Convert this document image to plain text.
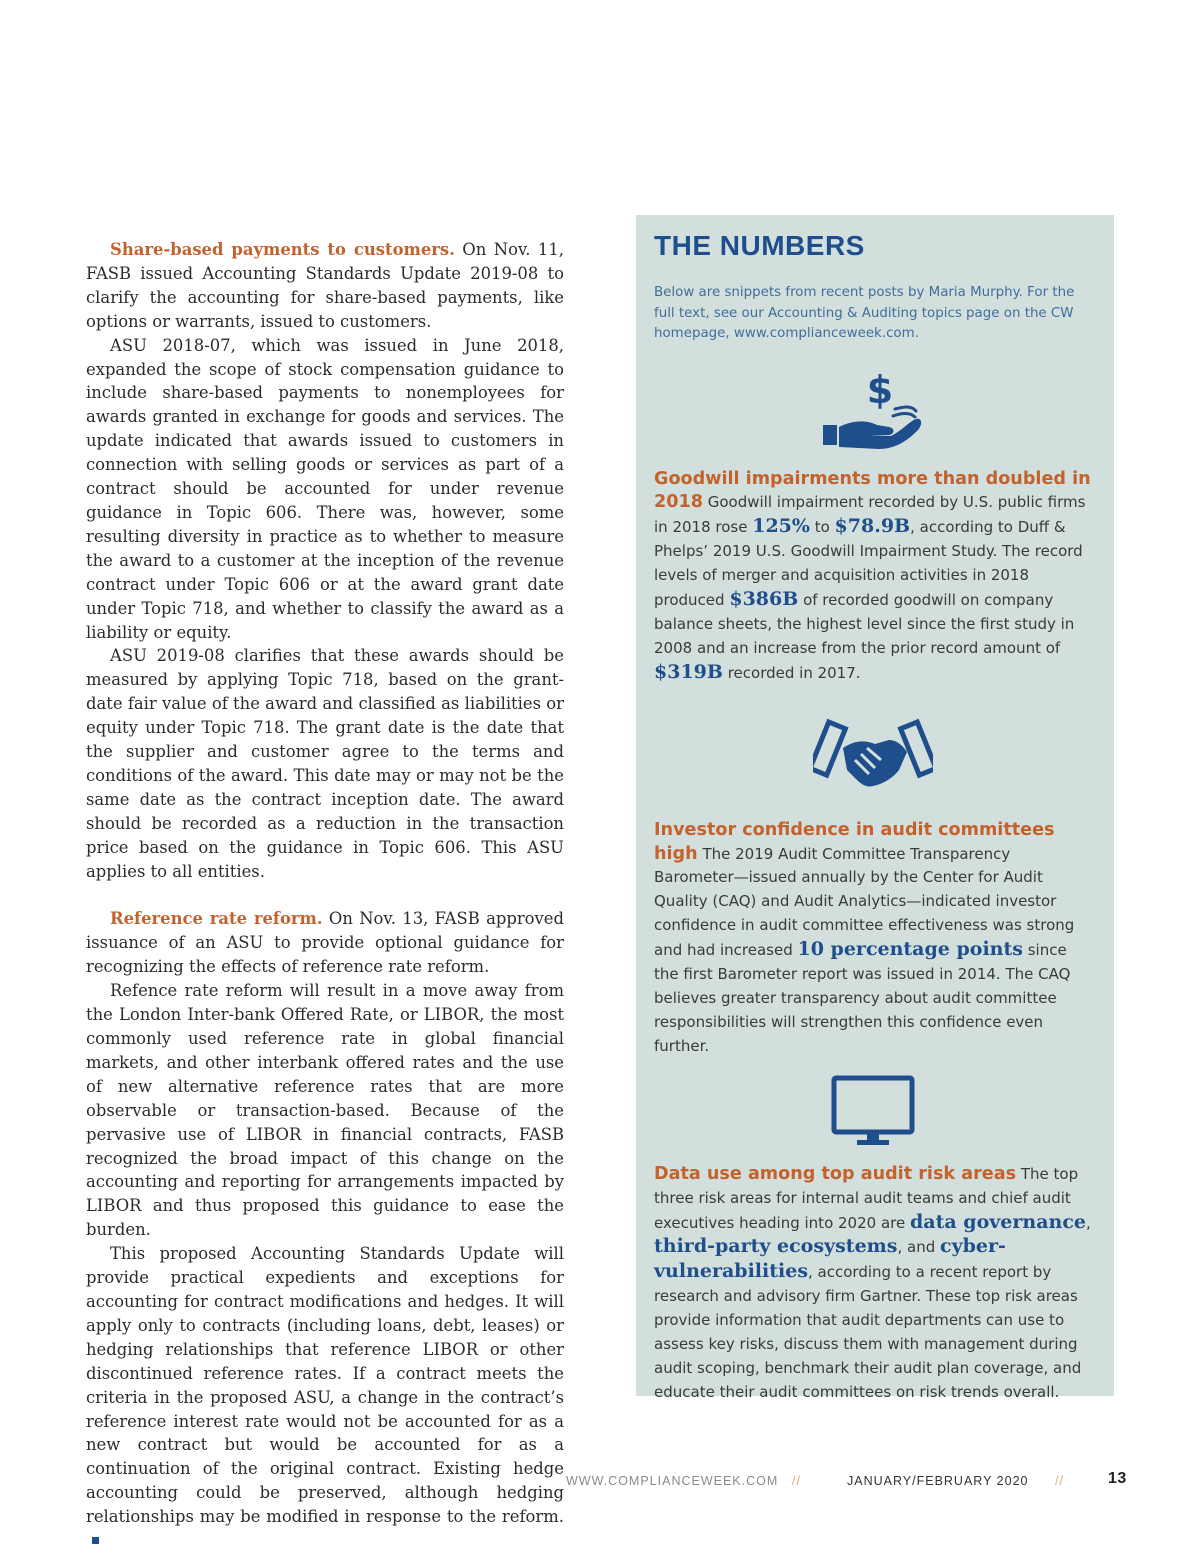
Share-based payments to customers. On Nov. 11, FASB issued Accounting Standards Update 2019-08 to clarify the accounting for share-based payments, like options or warrants, issued to customers.

ASU 2018-07, which was issued in June 2018, expanded the scope of stock compensation guidance to include share-based payments to nonemployees for awards granted in exchange for goods and services. The update indicated that awards issued to customers in connection with selling goods or services as part of a contract should be accounted for under revenue guidance in Topic 606. There was, however, some resulting diversity in practice as to whether to measure the award to a customer at the inception of the revenue contract under Topic 606 or at the award grant date under Topic 718, and whether to classify the award as a liability or equity.

ASU 2019-08 clarifies that these awards should be measured by applying Topic 718, based on the grant-date fair value of the award and classified as liabilities or equity under Topic 718. The grant date is the date that the supplier and customer agree to the terms and conditions of the award. This date may or may not be the same date as the contract inception date. The award should be recorded as a reduction in the transaction price based on the guidance in Topic 606. This ASU applies to all entities.

Reference rate reform. On Nov. 13, FASB approved issuance of an ASU to provide optional guidance for recognizing the effects of reference rate reform.

Refence rate reform will result in a move away from the London Inter-bank Offered Rate, or LIBOR, the most commonly used reference rate in global financial markets, and other interbank offered rates and the use of new alternative reference rates that are more observable or transaction-based. Because of the pervasive use of LIBOR in financial contracts, FASB recognized the broad impact of this change on the accounting and reporting for arrangements impacted by LIBOR and thus proposed this guidance to ease the burden.

This proposed Accounting Standards Update will provide practical expedients and exceptions for accounting for contract modifications and hedges. It will apply only to contracts (including loans, debt, leases) or hedging relationships that reference LIBOR or other discontinued reference rates. If a contract meets the criteria in the proposed ASU, a change in the contract’s reference interest rate would not be accounted for as a new contract but would be accounted for as a continuation of the original contract. Existing hedge accounting could be preserved, although hedging relationships may be modified in response to the reform.

THE NUMBERS

Below are snippets from recent posts by Maria Murphy. For the full text, see our Accounting & Auditing topics page on the CW homepage, www.complianceweek.com.

$

Goodwill impairments more than doubled in 2018 Goodwill impairment recorded by U.S. public firms in 2018 rose 125% to $78.9B, according to Duff & Phelps’ 2019 U.S. Goodwill Impairment Study. The record levels of merger and acquisition activities in 2018 produced $386B of recorded goodwill on company balance sheets, the highest level since the first study in 2008 and an increase from the prior record amount of $319B recorded in 2017.

Investor confidence in audit committees high The 2019 Audit Committee Transparency Barometer—issued annually by the Center for Audit Quality (CAQ) and Audit Analytics—indicated investor confidence in audit committee effectiveness was strong and had increased 10 percentage points since the first Barometer report was issued in 2014. The CAQ believes greater transparency about audit committee responsibilities will strengthen this confidence even further.

Data use among top audit risk areas The top three risk areas for internal audit teams and chief audit executives heading into 2020 are data governance, third-party ecosystems, and cyber-vulnerabilities, according to a recent report by research and advisory firm Gartner. These top risk areas provide information that audit departments can use to assess key risks, discuss them with management during audit scoping, benchmark their audit plan coverage, and educate their audit committees on risk trends overall.

WWW.COMPLIANCEWEEK.COM //	JANUARY/FEBRUARY 2020 //	13
